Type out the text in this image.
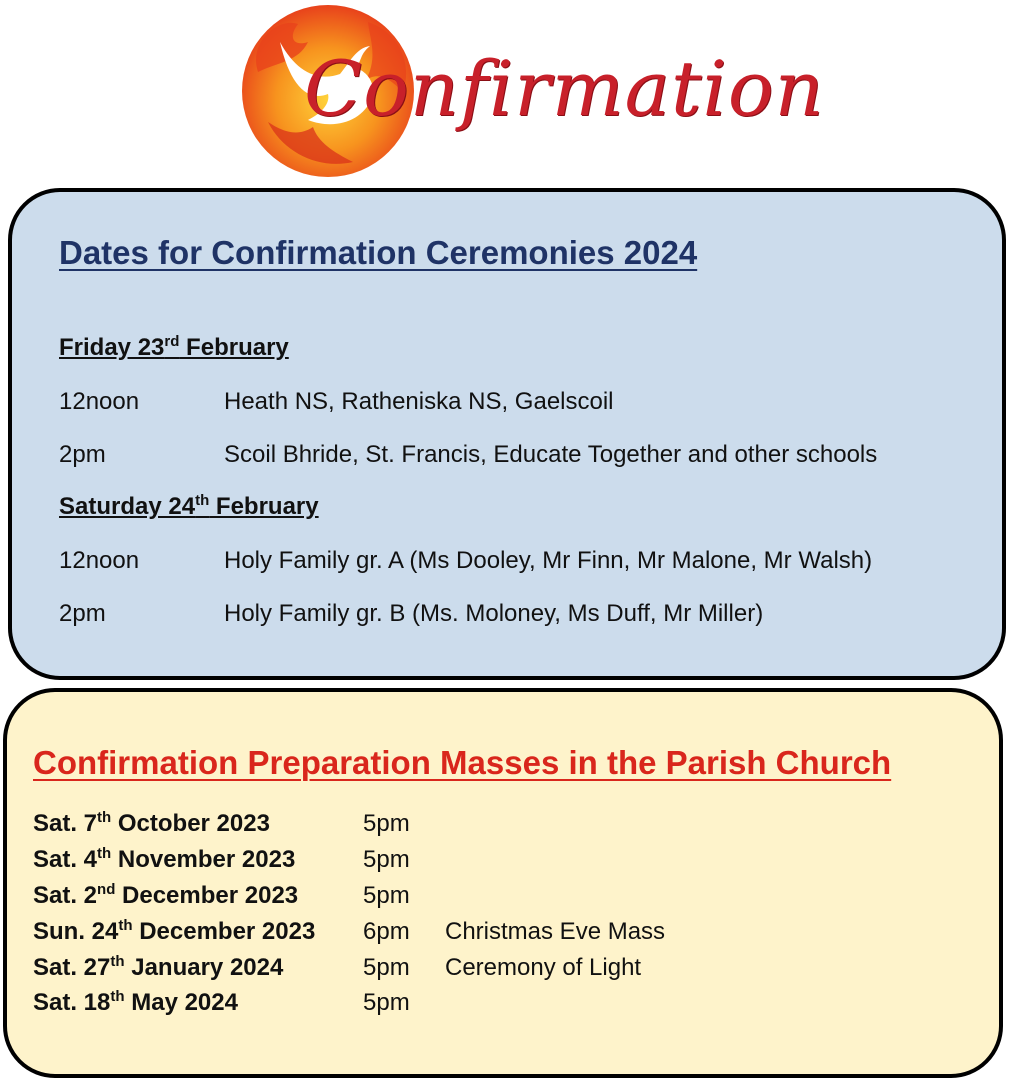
Confirmation
Dates for Confirmation Ceremonies 2024
Friday 23rd February
12noon	Heath NS, Ratheniska NS, Gaelscoil
2pm	Scoil Bhride, St. Francis, Educate Together and other schools
Saturday 24th February
12noon	Holy Family gr. A (Ms Dooley, Mr Finn, Mr Malone, Mr Walsh)
2pm	Holy Family gr. B (Ms. Moloney, Ms Duff, Mr Miller)
Confirmation Preparation Masses in the Parish Church
Sat. 7th October 2023	5pm
Sat. 4th November 2023	5pm
Sat. 2nd December 2023	5pm
Sun. 24th December 2023 6pm Christmas Eve Mass
Sat. 27th January 2024	5pm Ceremony of Light
Sat. 18th May 2024	5pm
